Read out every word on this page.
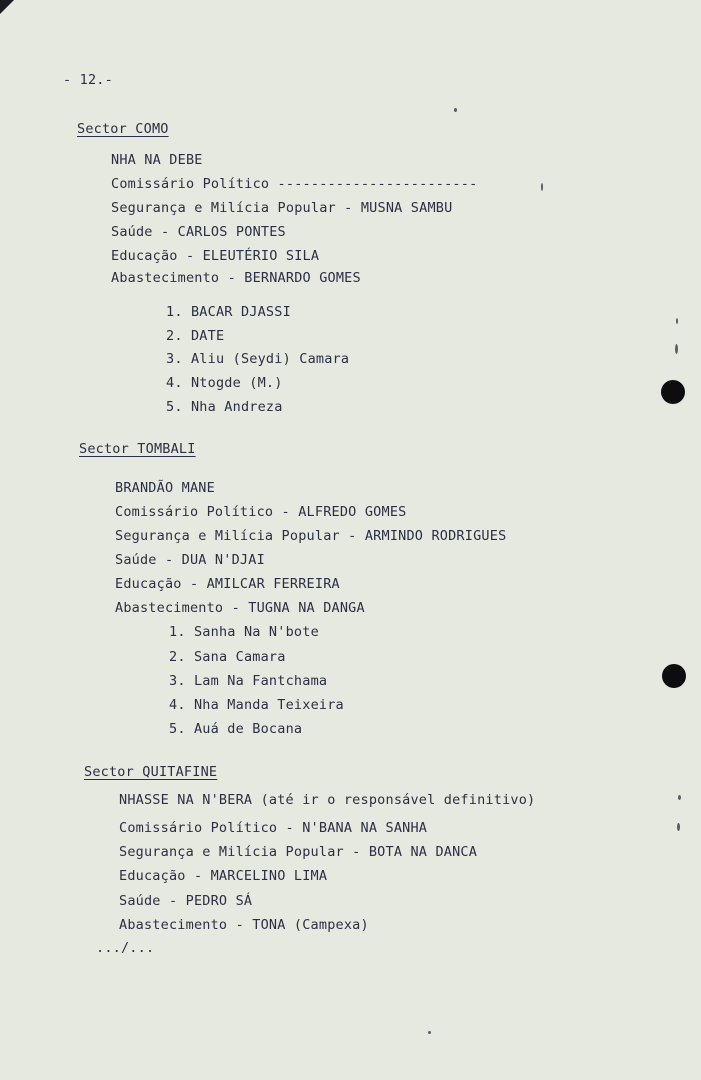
- 12.-
Sector COMO
NHA NA DEBE
Comissário Político ------------------------
Segurança e Milícia Popular - MUSNA SAMBU
Saúde - CARLOS PONTES
Educação - ELEUTÉRIO SILA
Abastecimento - BERNARDO GOMES
1. BACAR DJASSI
2. DATE
3. Aliu (Seydi) Camara
4. Ntogde (M.)
5. Nha Andreza
Sector TOMBALI
BRANDÃO MANE
Comissário Político - ALFREDO GOMES
Segurança e Milícia Popular - ARMINDO RODRIGUES
Saúde - DUA N'DJAI
Educação - AMILCAR FERREIRA
Abastecimento - TUGNA NA DANGA
1. Sanha Na N'bote
2. Sana Camara
3. Lam Na Fantchama
4. Nha Manda Teixeira
5. Auá de Bocana
Sector QUITAFINE
NHASSE NA N'BERA (até ir o responsável definitivo)
Comissário Político - N'BANA NA SANHA
Segurança e Milícia Popular - BOTA NA DANCA
Educação - MARCELINO LIMA
Saúde - PEDRO SÁ
Abastecimento - TONA (Campexa)
.../...
